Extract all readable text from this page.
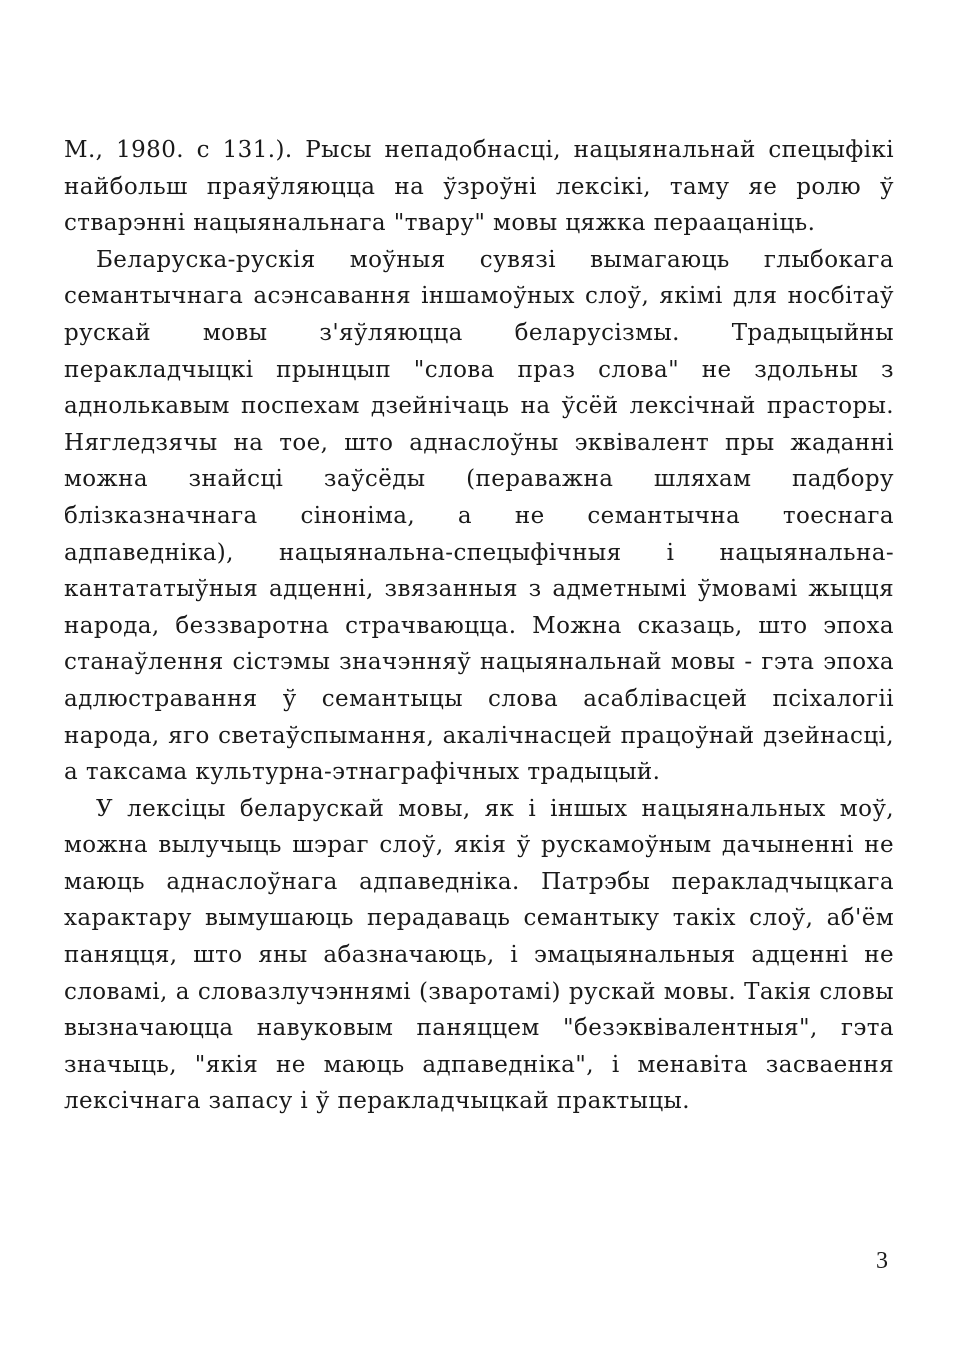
М., 1980. с 131.). Рысы непадобнасці, нацыянальнай спецыфікі найбольш праяўляюцца на ўзроўні лексікі, таму яе ролю ў стварэнні нацыянальнага "твару" мовы цяжка пераацаніць.

Беларуска-рускія моўныя сувязі вымагаюць глыбокага семантычнага асэнсавання іншамоўных слоў, якімі для носбітаў рускай мовы з'яўляюцца беларусізмы. Традыцыйны перакладчыцкі прынцып "слова праз слова" не здольны з аднолькавым поспехам дзейнічаць на ўсёй лексічнай прасторы. Нягледзячы на тое, што аднаслоўны эквівалент пры жаданні можна знайсці заўсёды (пераважна шляхам падбору блізказначнага сіноніма, а не семантычна тоеснага адпаведніка), нацыянальна-спецыфічныя і нацыянальна-кантататыўныя адценні, звязанныя з адметнымі ўмовамі жыцця народа, беззваротна страчваюцца. Можна сказаць, што эпоха станаўлення сістэмы значэнняў нацыянальнай мовы - гэта эпоха адлюстравання ў семантыцы слова асаблівасцей псіхалогіі народа, яго светаўспымання, акалічнасцей працоўнай дзейнасці, а таксама культурна-этнаграфічных традыцый.

У лексіцы беларускай мовы, як і іншых нацыянальных моў, можна вылучыць шэраг слоў, якія ў рускамоўным дачыненні не маюць аднаслоўнага адпаведніка. Патрэбы перакладчыцкага характару вымушаюць перадаваць семантыку такіх слоў, аб'ём паняцця, што яны абазначаюць, і эмацыянальныя адценні не словамі, а словазлучэннямі (зваротамі) рускай мовы. Такія словы вызначаюцца навуковым паняццем "безэквівалентныя", гэта значыць, "якія не маюць адпаведніка", і менавіта засваення лексічнага запасу і ў перакладчыцкай практыцы.

3
